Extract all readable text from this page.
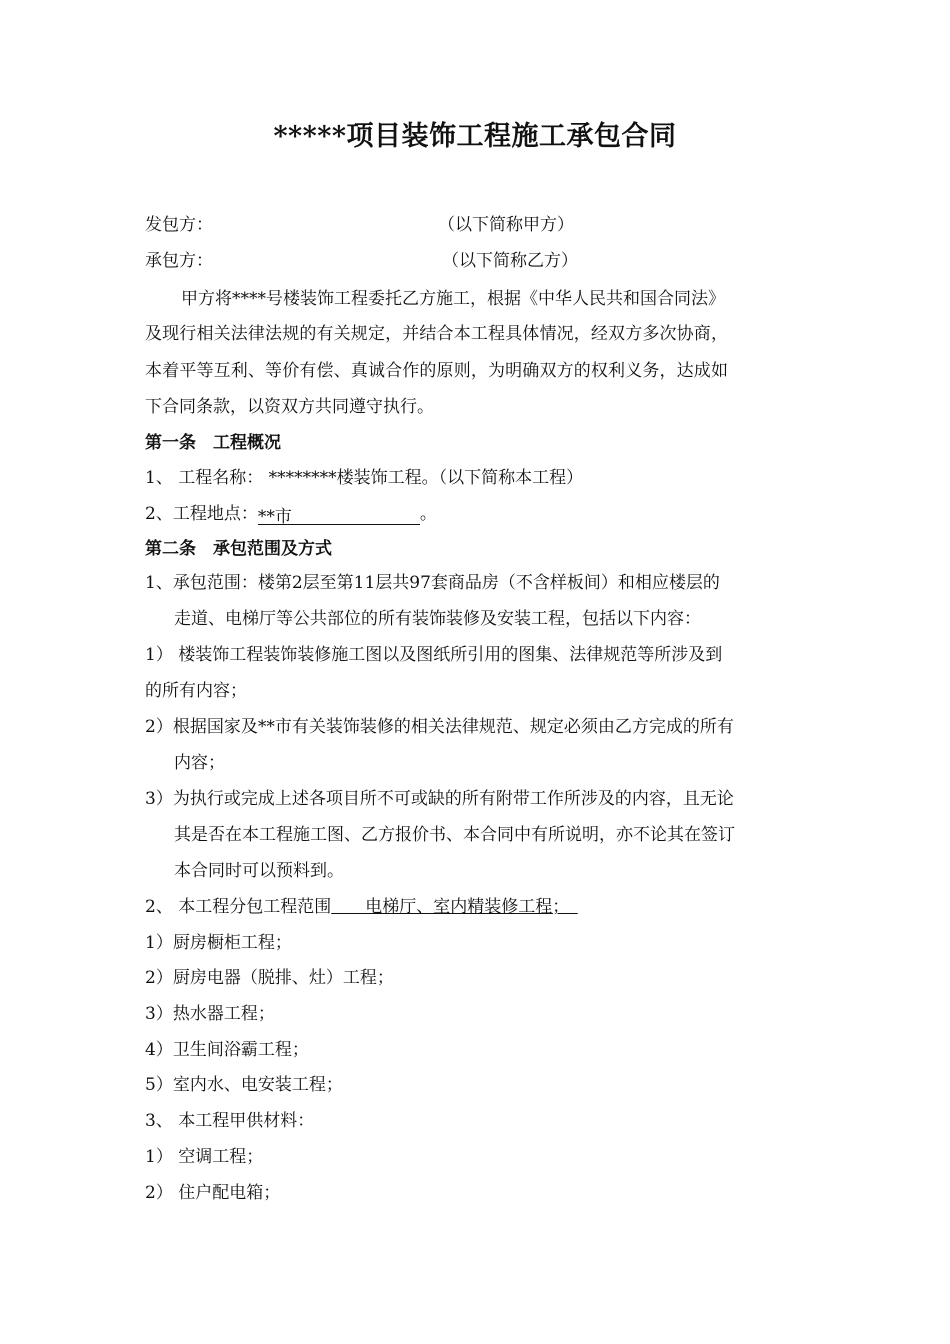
*****项目装饰工程施工承包合同
发包方：	（以下简称甲方）
承包方：	（以下简称乙方）
甲方将****号楼装饰工程委托乙方施工，根据《中华人民共和国合同法》
及现行相关法律法规的有关规定，并结合本工程具体情况，经双方多次协商，
本着平等互利、等价有偿、真诚合作的原则，为明确双方的权利义务，达成如
下合同条款，以资双方共同遵守执行。
第一条　工程概况
1、 工程名称： ********楼装饰工程。（以下简称本工程）
2、工程地点：**市	。
第二条　承包范围及方式
1、承包范围：楼第2层至第11层共97套商品房（不含样板间）和相应楼层的
走道、电梯厅等公共部位的所有装饰装修及安装工程，包括以下内容：
1） 楼装饰工程装饰装修施工图以及图纸所引用的图集、法律规范等所涉及到
的所有内容；
2）根据国家及**市有关装饰装修的相关法律规范、规定必须由乙方完成的所有
内容；
3）为执行或完成上述各项目所不可或缺的所有附带工作所涉及的内容，且无论
其是否在本工程施工图、乙方报价书、本合同中有所说明，亦不论其在签订
本合同时可以预料到。
2、 本工程分包工程范围　　电梯厅、室内精装修工程；　
1）厨房橱柜工程；
2）厨房电器（脱排、灶）工程；
3）热水器工程；
4）卫生间浴霸工程；
5）室内水、电安装工程；
3、 本工程甲供材料：
1） 空调工程；
2） 住户配电箱；
